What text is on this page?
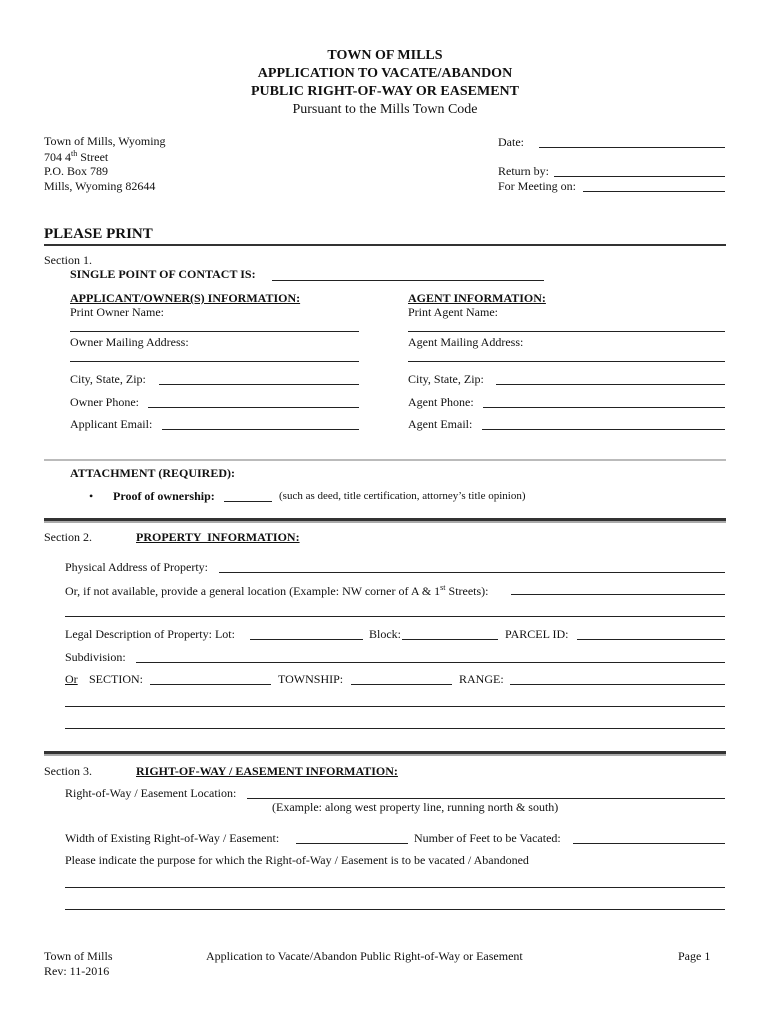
TOWN OF MILLS
APPLICATION TO VACATE/ABANDON
PUBLIC RIGHT-OF-WAY OR EASEMENT
Pursuant to the Mills Town Code
Town of Mills, Wyoming
704 4th Street
P.O. Box 789
Mills, Wyoming 82644
Date:
Return by:
For Meeting on:
PLEASE PRINT
Section 1.
SINGLE POINT OF CONTACT IS:
APPLICANT/OWNER(S) INFORMATION:
Print Owner Name:
Owner Mailing Address:
City, State, Zip:
Owner Phone:
Applicant Email:
AGENT INFORMATION:
Print Agent Name:
Agent Mailing Address:
City, State, Zip:
Agent Phone:
Agent Email:
ATTACHMENT (REQUIRED):
• Proof of ownership:	(such as deed, title certification, attorney’s title opinion)
Section 2.	PROPERTY  INFORMATION:
Physical Address of Property:
Or, if not available, provide a general location (Example: NW corner of A & 1st Streets):
Legal Description of Property: Lot:	Block:	PARCEL ID:
Subdivision:
Or SECTION:	TOWNSHIP:	RANGE:
Section 3.	RIGHT-OF-WAY / EASEMENT INFORMATION:
Right-of-Way / Easement Location:
(Example: along west property line, running north & south)
Width of Existing Right-of-Way / Easement:	Number of Feet to be Vacated:
Please indicate the purpose for which the Right-of-Way / Easement is to be vacated / Abandoned
Town of Mills
Rev: 11-2016
Application to Vacate/Abandon Public Right-of-Way or Easement	Page 1
